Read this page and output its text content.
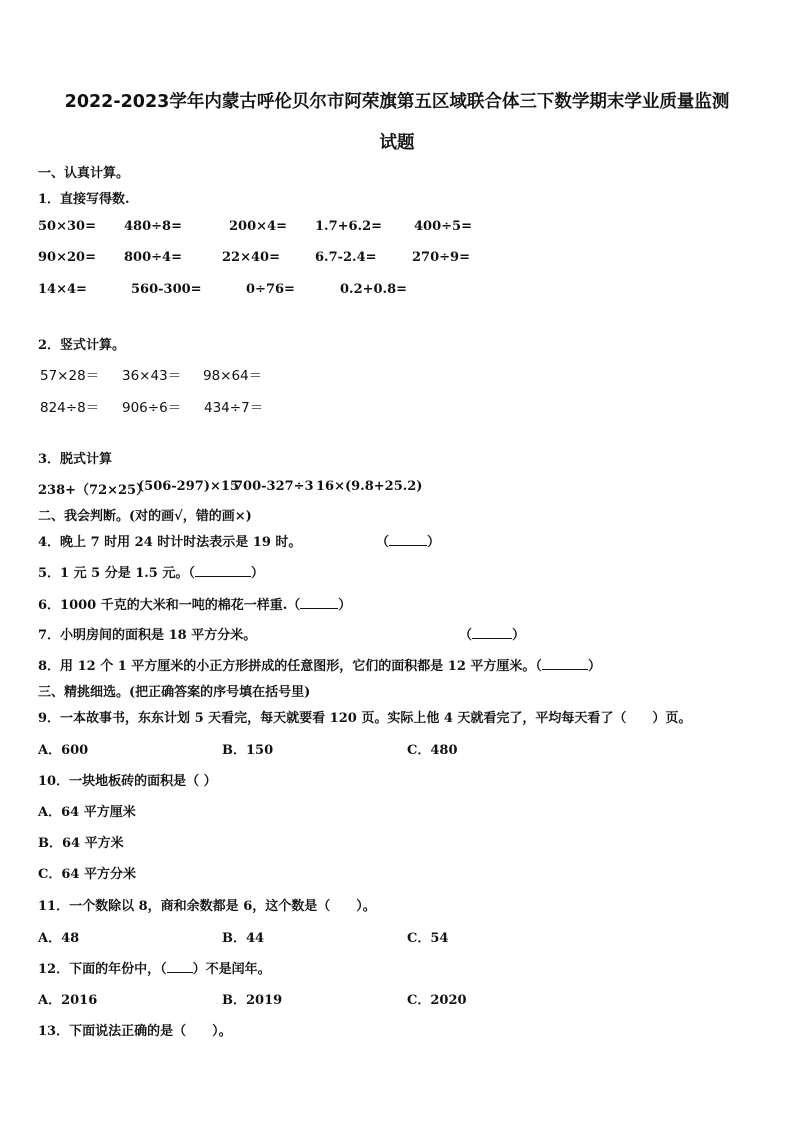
2022-2023学年内蒙古呼伦贝尔市阿荣旗第五区域联合体三下数学期末学业质量监测
试题
一、认真计算。
1．直接写得数.
50×30= 480÷8=	200×4= 1.7+6.2= 400÷5=
90×20= 800÷4=	22×40=	6.7-2.4=	270÷9=
14×4=	560-300=	0÷76=	0.2+0.8=
2．竖式计算。
57×28＝ 36×43＝ 98×64＝
824÷8＝ 906÷6＝ 434÷7＝
3．脱式计算
238+（72×25）
(506-297)×15
700-327÷3 16×(9.8+25.2)
二、我会判断。(对的画√，错的画×)
4．晚上 7 时用 24 时计时法表示是 19 时。	（	）
5．1 元 5 分是 1.5 元。（	）
6．1000 千克的大米和一吨的棉花一样重.（	）
7．小明房间的面积是 18 平方分米。	（	）
8．用 12 个 1 平方厘米的小正方形拼成的任意图形，它们的面积都是 12 平方厘米。（	）
三、精挑细选。(把正确答案的序号填在括号里)
9．一本故事书，东东计划 5 天看完，每天就要看 120 页。实际上他 4 天就看完了，平均每天看了（　　）页。
A．600	B．150	C．480
10．一块地板砖的面积是（ ）
A．64 平方厘米
B．64 平方米
C．64 平方分米
11．一个数除以 8，商和余数都是 6，这个数是（　　）。
A．48	B．44	C．54
12．下面的年份中，（ ）不是闰年。
A．2016	B．2019	C．2020
13．下面说法正确的是（　　）。
